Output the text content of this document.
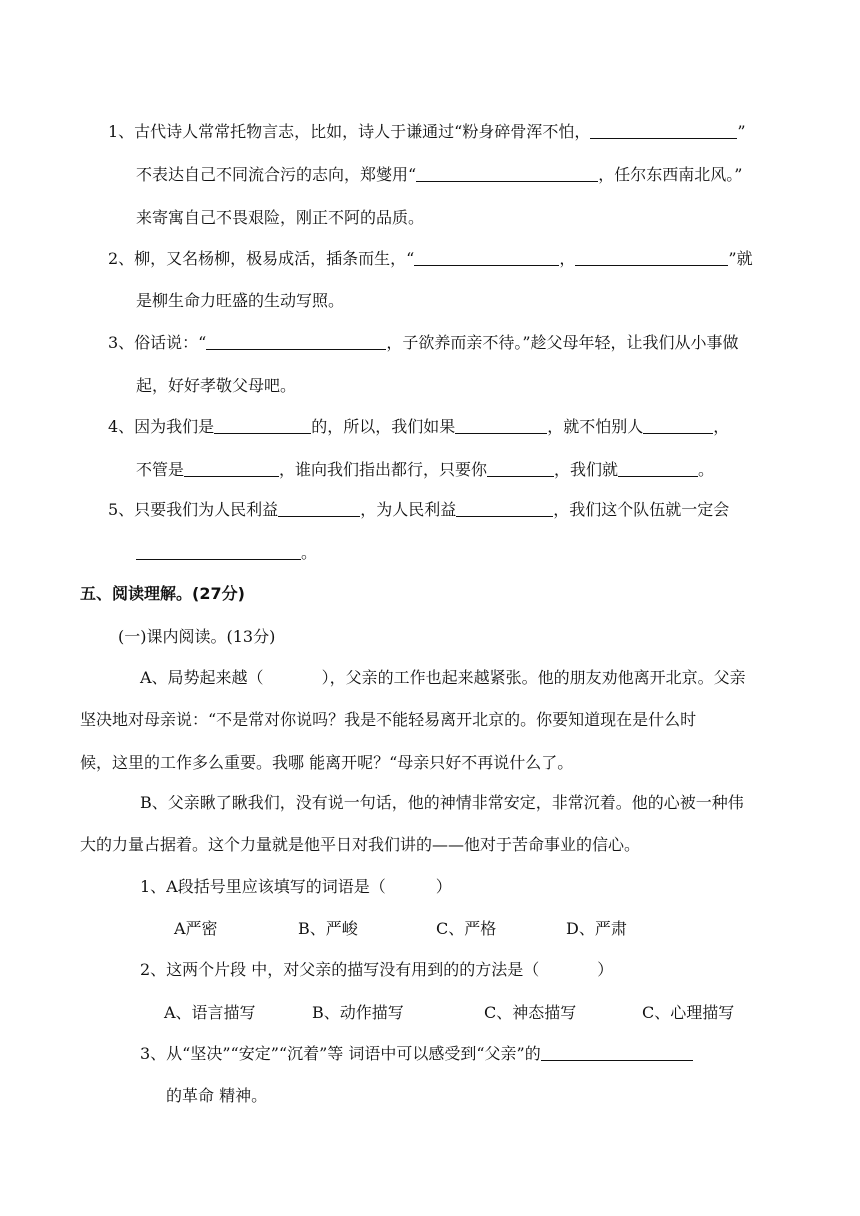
1、古代诗人常常托物言志，比如，诗人于谦通过“粉身碎骨浑不怕，	”
不表达自己不同流合污的志向，郑燮用“	，任尔东西南北风。”
来寄寓自己不畏艰险，刚正不阿的品质。
2、柳，又名杨柳，极易成活，插条而生，“	，	”就
是柳生命力旺盛的生动写照。
3、俗话说：“	，子欲养而亲不待。”趁父母年轻，让我们从小事做
起，好好孝敬父母吧。
4、因为我们是	的，所以，我们如果	，就不怕别人	，
不管是	，谁向我们指出都行，只要你	，我们就	。
5、只要我们为人民利益	，为人民利益	，我们这个队伍就一定会
。
五、阅读理解。(27分)
(一)课内阅读。(13分)
A、局势起来越（	），父亲的工作也起来越紧张。他的朋友劝他离开北京。父亲
坚决地对母亲说：“不是常对你说吗？我是不能轻易离开北京的。你要知道现在是什么时
候，这里的工作多么重要。我哪 能离开呢？“母亲只好不再说什么了。
B、父亲瞅了瞅我们，没有说一句话，他的神情非常安定，非常沉着。他的心被一种伟
大的力量占据着。这个力量就是他平日对我们讲的——他对于苦命事业的信心。
1、A段括号里应该填写的词语是（	）
A严密	B、严峻	C、严格	D、严肃
2、这两个片段 中，对父亲的描写没有用到的的方法是（	）
A、语言描写	B、动作描写	C、神态描写	C、心理描写
3、从“坚决”“安定”“沉着”等 词语中可以感受到“父亲”的
的革命 精神。
